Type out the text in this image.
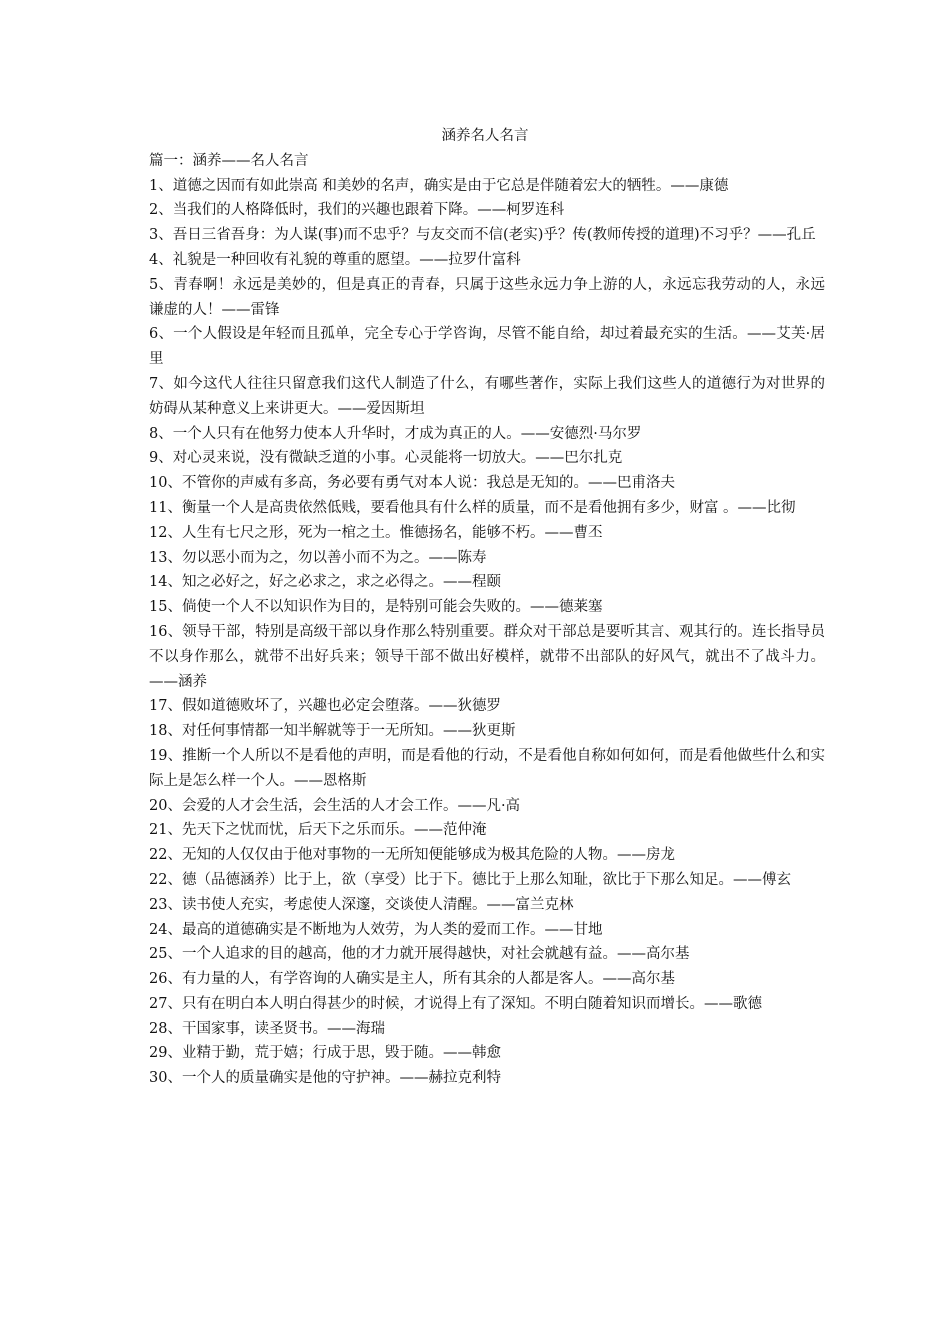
涵养名人名言

篇一：涵养——名人名言

1、道德之因而有如此崇高 和美妙的名声，确实是由于它总是伴随着宏大的牺牲。——康德
2、当我们的人格降低时，我们的兴趣也跟着下降。——柯罗连科
3、吾日三省吾身：为人谋(事)而不忠乎？与友交而不信(老实)乎？传(教师传授的道理)不习乎？——孔丘
4、礼貌是一种回收有礼貌的尊重的愿望。——拉罗什富科
5、青春啊！永远是美妙的，但是真正的青春，只属于这些永远力争上游的人，永远忘我劳动的人，永远谦虚的人！——雷锋
6、一个人假设是年轻而且孤单，完全专心于学咨询，尽管不能自给，却过着最充实的生活。——艾芙·居里
7、如今这代人往往只留意我们这代人制造了什么，有哪些著作，实际上我们这些人的道德行为对世界的妨碍从某种意义上来讲更大。——爱因斯坦
8、一个人只有在他努力使本人升华时，才成为真正的人。——安德烈·马尔罗
9、对心灵来说，没有微缺乏道的小事。心灵能将一切放大。——巴尔扎克
10、不管你的声威有多高，务必要有勇气对本人说：我总是无知的。——巴甫洛夫
11、衡量一个人是高贵依然低贱，要看他具有什么样的质量，而不是看他拥有多少，财富 。——比彻
12、人生有七尺之形，死为一棺之土。惟德扬名，能够不朽。——曹丕
13、勿以恶小而为之，勿以善小而不为之。——陈寿
14、知之必好之，好之必求之，求之必得之。——程颐
15、倘使一个人不以知识作为目的，是特别可能会失败的。——德莱塞
16、领导干部，特别是高级干部以身作那么特别重要。群众对干部总是要听其言、观其行的。连长指导员不以身作那么，就带不出好兵来；领导干部不做出好模样，就带不出部队的好风气，就出不了战斗力。 ——涵养
17、假如道德败坏了，兴趣也必定会堕落。——狄德罗
18、对任何事情都一知半解就等于一无所知。——狄更斯
19、推断一个人所以不是看他的声明，而是看他的行动，不是看他自称如何如何，而是看他做些什么和实际上是怎么样一个人。——恩格斯
20、会爱的人才会生活，会生活的人才会工作。——凡·高
21、先天下之忧而忧，后天下之乐而乐。——范仲淹
22、无知的人仅仅由于他对事物的一无所知便能够成为极其危险的人物。——房龙
22、德（品德涵养）比于上，欲（享受）比于下。德比于上那么知耻，欲比于下那么知足。——傅玄
23、读书使人充实，考虑使人深邃，交谈使人清醒。——富兰克林
24、最高的道德确实是不断地为人效劳，为人类的爱而工作。——甘地
25、一个人追求的目的越高，他的才力就开展得越快，对社会就越有益。——高尔基
26、有力量的人，有学咨询的人确实是主人，所有其余的人都是客人。——高尔基
27、只有在明白本人明白得甚少的时候，才说得上有了深知。不明白随着知识而增长。——歌德
28、干国家事，读圣贤书。——海瑞
29、业精于勤，荒于嬉；行成于思，毁于随。——韩愈
30、一个人的质量确实是他的守护神。——赫拉克利特
